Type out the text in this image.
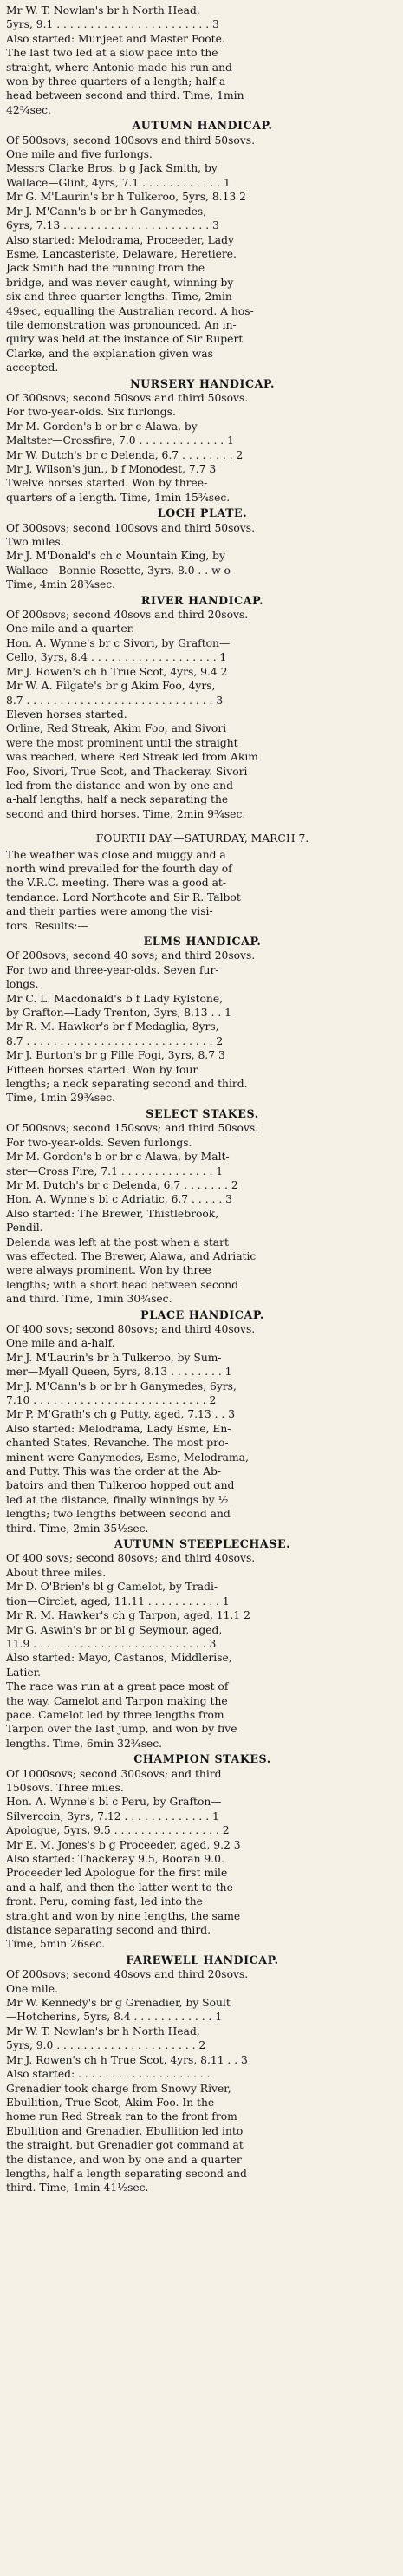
Mr W. T. Nowlan's br h North Head,
5yrs, 9.1 . . . . . . . . . . . . . . . . . . . . . . . 3
Also started: Munjeet and Master Foote.
The last two led at a slow pace into the
straight, where Antonio made his run and
won by three-quarters of a length; half a
head between second and third. Time, 1min
42¾sec.
AUTUMN HANDICAP.
Of 500sovs; second 100sovs and third 50sovs.
One mile and five furlongs.
Messrs Clarke Bros. b g Jack Smith, by
Wallace—Glint, 4yrs, 7.1 . . . . . . . . . . . . 1
Mr G. M'Laurin's br h Tulkeroo, 5yrs, 8.13 2
Mr J. M'Cann's b or br h Ganymedes,
6yrs, 7.13 . . . . . . . . . . . . . . . . . . . . . . 3
Also started: Melodrama, Proceeder, Lady
Esme, Lancasteriste, Delaware, Heretiere.
Jack Smith had the running from the
bridge, and was never caught, winning by
six and three-quarter lengths. Time, 2min
49sec, equalling the Australian record. A hos-
tile demonstration was pronounced. An in-
quiry was held at the instance of Sir Rupert
Clarke, and the explanation given was
accepted.
NURSERY HANDICAP.
Of 300sovs; second 50sovs and third 50sovs.
For two-year-olds. Six furlongs.
Mr M. Gordon's b or br c Alawa, by
Maltster—Crossfire, 7.0 . . . . . . . . . . . . . 1
Mr W. Dutch's br c Delenda, 6.7 . . . . . . . . 2
Mr J. Wilson's jun., b f Monodest, 7.7 3
Twelve horses started. Won by three-
quarters of a length. Time, 1min 15¾sec.
LOCH PLATE.
Of 300sovs; second 100sovs and third 50sovs.
Two miles.
Mr J. M'Donald's ch c Mountain King, by
Wallace—Bonnie Rosette, 3yrs, 8.0 . . w o
Time, 4min 28¾sec.
RIVER HANDICAP.
Of 200sovs; second 40sovs and third 20sovs.
One mile and a-quarter.
Hon. A. Wynne's br c Sivori, by Grafton—
Cello, 3yrs, 8.4 . . . . . . . . . . . . . . . . . . . 1
Mr J. Rowen's ch h True Scot, 4yrs, 9.4 2
Mr W. A. Filgate's br g Akim Foo, 4yrs,
8.7 . . . . . . . . . . . . . . . . . . . . . . . . . . . . 3
Eleven horses started.
Orline, Red Streak, Akim Foo, and Sivori
were the most prominent until the straight
was reached, where Red Streak led from Akim
Foo, Sivori, True Scot, and Thackeray. Sivori
led from the distance and won by one and
a-half lengths, half a neck separating the
second and third horses. Time, 2min 9¾sec.
FOURTH DAY.—SATURDAY, MARCH 7.
The weather was close and muggy and a
north wind prevailed for the fourth day of
the V.R.C. meeting. There was a good at-
tendance. Lord Northcote and Sir R. Talbot
and their parties were among the visi-
tors. Results:—
ELMS HANDICAP.
Of 200sovs; second 40 sovs; and third 20sovs.
For two and three-year-olds. Seven fur-
longs.
Mr C. L. Macdonald's b f Lady Rylstone,
by Grafton—Lady Trenton, 3yrs, 8.13 . . 1
Mr R. M. Hawker's br f Medaglia, 8yrs,
8.7 . . . . . . . . . . . . . . . . . . . . . . . . . . . . 2
Mr J. Burton's br g Fille Fogi, 3yrs, 8.7 3
Fifteen horses started. Won by four
lengths; a neck separating second and third.
Time, 1min 29¾sec.
SELECT STAKES.
Of 500sovs; second 150sovs; and third 50sovs.
For two-year-olds. Seven furlongs.
Mr M. Gordon's b or br c Alawa, by Malt-
ster—Cross Fire, 7.1 . . . . . . . . . . . . . . 1
Mr M. Dutch's br c Delenda, 6.7 . . . . . . . 2
Hon. A. Wynne's bl c Adriatic, 6.7 . . . . . 3
Also started: The Brewer, Thistlebrook,
Pendil.
Delenda was left at the post when a start
was effected. The Brewer, Alawa, and Adriatic
were always prominent. Won by three
lengths; with a short head between second
and third. Time, 1min 30¾sec.
PLACE HANDICAP.
Of 400 sovs; second 80sovs; and third 40sovs.
One mile and a-half.
Mr J. M'Laurin's br h Tulkeroo, by Sum-
mer—Myall Queen, 5yrs, 8.13 . . . . . . . . 1
Mr J. M'Cann's b or br h Ganymedes, 6yrs,
7.10 . . . . . . . . . . . . . . . . . . . . . . . . . . 2
Mr P. M'Grath's ch g Putty, aged, 7.13 . . 3
Also started: Melodrama, Lady Esme, En-
chanted States, Revanche. The most pro-
minent were Ganymedes, Esme, Melodrama,
and Putty. This was the order at the Ab-
batoirs and then Tulkeroo hopped out and
led at the distance, finally winnings by ½
lengths; two lengths between second and
third. Time, 2min 35½sec.
AUTUMN STEEPLECHASE.
Of 400 sovs; second 80sovs; and third 40sovs.
About three miles.
Mr D. O'Brien's bl g Camelot, by Tradi-
tion—Circlet, aged, 11.11 . . . . . . . . . . . 1
Mr R. M. Hawker's ch g Tarpon, aged, 11.1 2
Mr G. Aswin's br or bl g Seymour, aged,
11.9 . . . . . . . . . . . . . . . . . . . . . . . . . . 3
Also started: Mayo, Castanos, Middlerise,
Latier.
The race was run at a great pace most of
the way. Camelot and Tarpon making the
pace. Camelot led by three lengths from
Tarpon over the last jump, and won by five
lengths. Time, 6min 32¾sec.
CHAMPION STAKES.
Of 1000sovs; second 300sovs; and third
150sovs. Three miles.
Hon. A. Wynne's bl c Peru, by Grafton—
Silvercoin, 3yrs, 7.12 . . . . . . . . . . . . . 1
Apologue, 5yrs, 9.5 . . . . . . . . . . . . . . . . 2
Mr E. M. Jones's b g Proceeder, aged, 9.2 3
Also started: Thackeray 9.5, Booran 9.0.
Proceeder led Apologue for the first mile
and a-half, and then the latter went to the
front. Peru, coming fast, led into the
straight and won by nine lengths, the same
distance separating second and third.
Time, 5min 26sec.
FAREWELL HANDICAP.
Of 200sovs; second 40sovs and third 20sovs.
One mile.
Mr W. Kennedy's br g Grenadier, by Soult
—Hotcherins, 5yrs, 8.4 . . . . . . . . . . . . 1
Mr W. T. Nowlan's br h North Head,
5yrs, 9.0 . . . . . . . . . . . . . . . . . . . . . 2
Mr J. Rowen's ch h True Scot, 4yrs, 8.11 . . 3
Also started: . . . . . . . . . . . . . . . . . . . .
Grenadier took charge from Snowy River,
Ebullition, True Scot, Akim Foo. In the
home run Red Streak ran to the front from
Ebullition and Grenadier. Ebullition led into
the straight, but Grenadier got command at
the distance, and won by one and a quarter
lengths, half a length separating second and
third. Time, 1min 41½sec.
